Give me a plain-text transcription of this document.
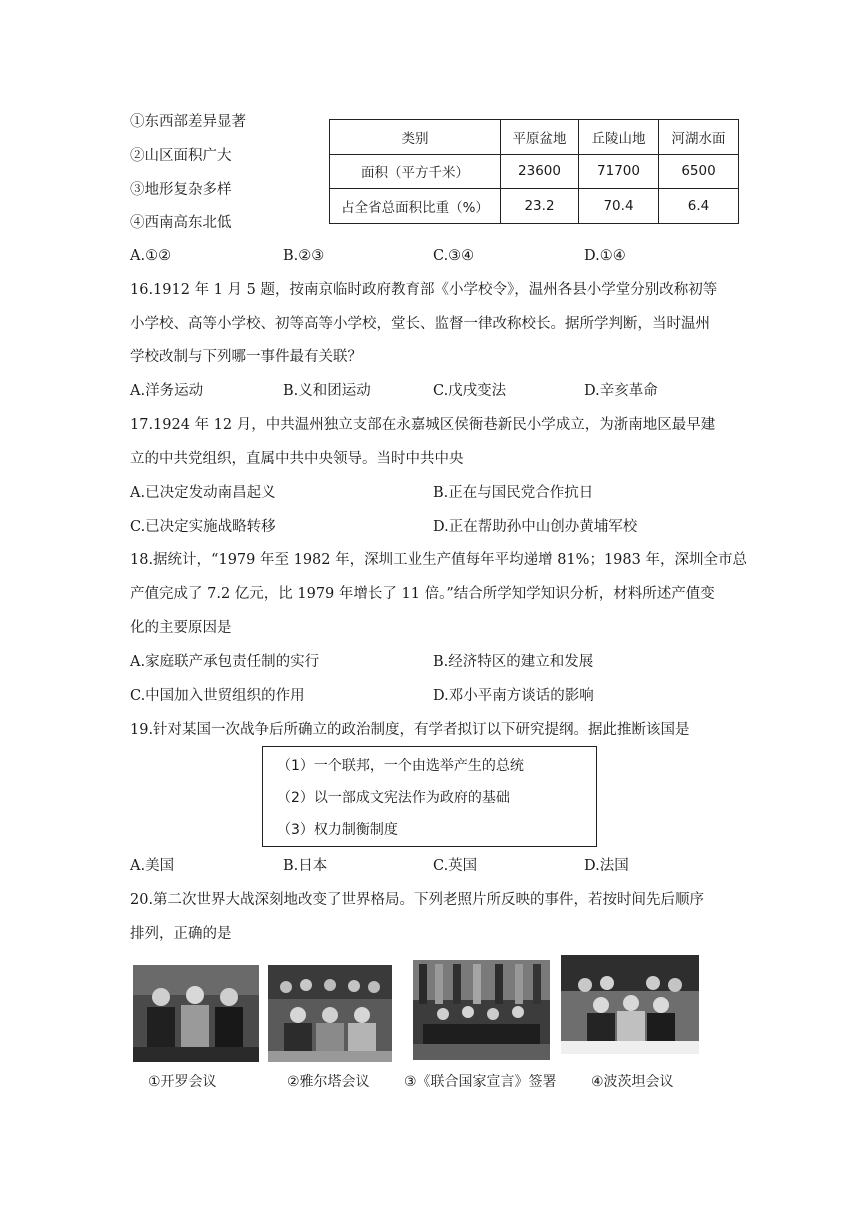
①东西部差异显著
②山区面积广大
③地形复杂多样
④西南高东北低
类别	平原盆地	丘陵山地	河湖水面
面积（平方千米）	23600	71700	6500
占全省总面积比重（%）	23.2	70.4	6.4
A.①②	B.②③	C.③④	D.①④
16.1912 年 1 月 5 题，按南京临时政府教育部《小学校令》，温州各县小学堂分别改称初等
小学校、高等小学校、初等高等小学校，堂长、监督一律改称校长。据所学判断，当时温州
学校改制与下列哪一事件最有关联？
A.洋务运动	B.义和团运动	C.戊戌变法	D.辛亥革命
17.1924 年 12 月，中共温州独立支部在永嘉城区侯衙巷新民小学成立，为浙南地区最早建
立的中共党组织，直属中共中央领导。当时中共中央
A.已决定发动南昌起义	B.正在与国民党合作抗日
C.已决定实施战略转移	D.正在帮助孙中山创办黄埔军校
18.据统计，“1979 年至 1982 年，深圳工业生产值每年平均递增 81%；1983 年，深圳全市总
产值完成了 7.2 亿元，比 1979 年增长了 11 倍。”结合所学知学知识分析，材料所述产值变
化的主要原因是
A.家庭联产承包责任制的实行	B.经济特区的建立和发展
C.中国加入世贸组织的作用	D.邓小平南方谈话的影响
19.针对某国一次战争后所确立的政治制度，有学者拟订以下研究提纲。据此推断该国是
（1）一个联邦，一个由选举产生的总统
（2）以一部成文宪法作为政府的基础
（3）权力制衡制度
A.美国	B.日本	C.英国	D.法国
20.第二次世界大战深刻地改变了世界格局。下列老照片所反映的事件，若按时间先后顺序
排列，正确的是
①开罗会议	②雅尔塔会议 ③《联合国家宣言》签署 ④波茨坦会议
